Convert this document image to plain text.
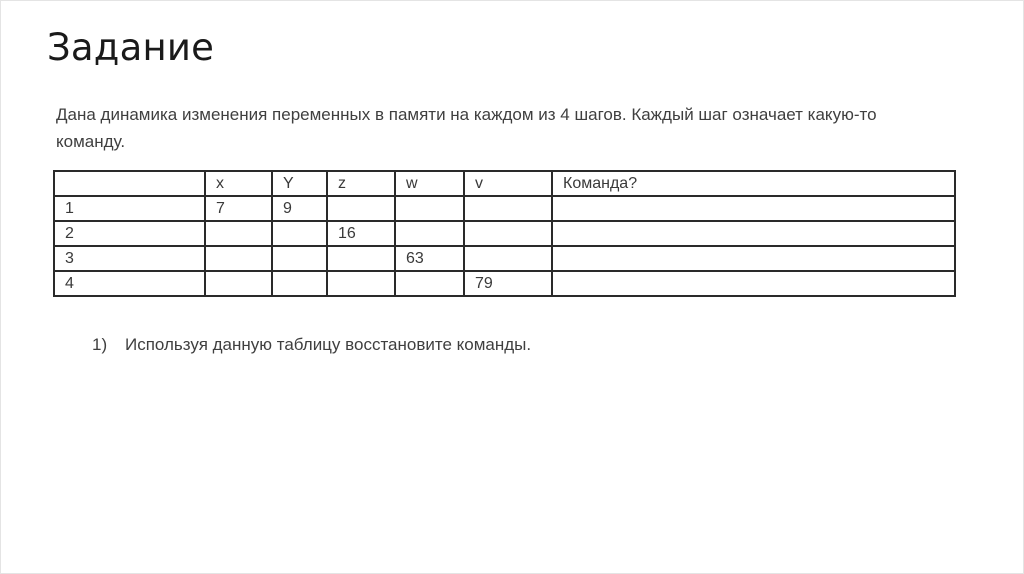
Задание

Дана динамика изменения переменных в памяти на каждом из 4 шагов. Каждый шаг означает какую-то команду.

	x	Y	z	w	v	Команда?
1	7	9				
2			16			
3				63		
4					79	

1) Используя данную таблицу восстановите команды.
